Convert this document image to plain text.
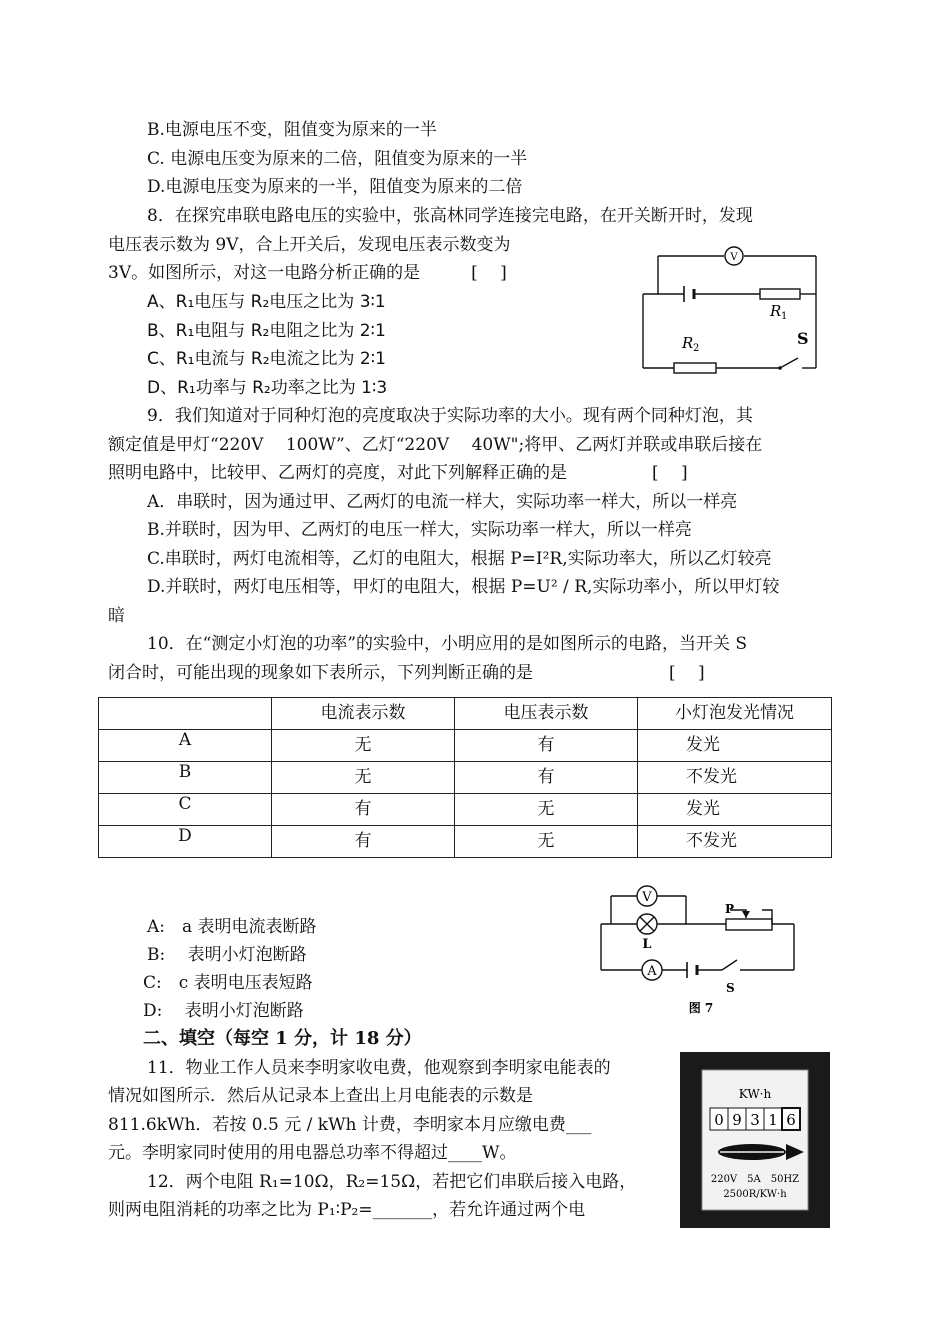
B.电源电压不变，阻值变为原来的一半
C. 电源电压变为原来的二倍，阻值变为原来的一半
D.电源电压变为原来的一半，阻值变为原来的二倍
8．在探究串联电路电压的实验中，张高林同学连接完电路，在开关断开时，发现
电压表示数为 9V，合上开关后，发现电压表示数变为
3V。如图所示，对这一电路分析正确的是　　　[　 ]
A、R₁电压与 R₂电压之比为 3∶1
B、R₁电阻与 R₂电阻之比为 2∶1
C、R₁电流与 R₂电流之比为 2∶1
D、R₁功率与 R₂功率之比为 1∶3
V
R 1
R 2
S
9．我们知道对于同种灯泡的亮度取决于实际功率的大小。现有两个同种灯泡，其
额定值是甲灯“220V　 100W”、乙灯“220V　 40W";将甲、乙两灯并联或串联后接在
照明电路中，比较甲、乙两灯的亮度，对此下列解释正确的是　　　　　[　 ]
A．串联时，因为通过甲、乙两灯的电流一样大，实际功率一样大，所以一样亮
B.并联时，因为甲、乙两灯的电压一样大，实际功率一样大，所以一样亮
C.串联时，两灯电流相等，乙灯的电阻大，根据 P=I²R,实际功率大，所以乙灯较亮
D.并联时，两灯电压相等，甲灯的电阻大，根据 P=U² / R,实际功率小，所以甲灯较
暗
10．在“测定小灯泡的功率”的实验中，小明应用的是如图所示的电路，当开关 S
闭合时，可能出现的现象如下表所示，下列判断正确的是　　　　　　　　[　 ]
	电流表示数	电压表示数	小灯泡发光情况
A	无	有	发光
B	无	有	不发光
C	有	无	发光
D	有	无	不发光
A:　a 表明电流表断路
B:　 表明小灯泡断路
C:　c 表明电压表短路
D:　 表明小灯泡断路
V
L
A
P
S
图 7
二、填空（每空 1 分，计 18 分）
11．物业工作人员来李明家收电费，他观察到李明家电能表的
情况如图所示．然后从记录本上查出上月电能表的示数是
811.6kWh．若按 0.5 元 / kWh 计费，李明家本月应缴电费___
元。李明家同时使用的用电器总功率不得超过____W。
KW·h
0 9 3 1 6
220V　5A　50HZ
2500R/KW·h
12．两个电阻 R₁=10Ω，R₂=15Ω，若把它们串联后接入电路，
则两电阻消耗的功率之比为 P₁∶P₂=_______，若允许通过两个电
